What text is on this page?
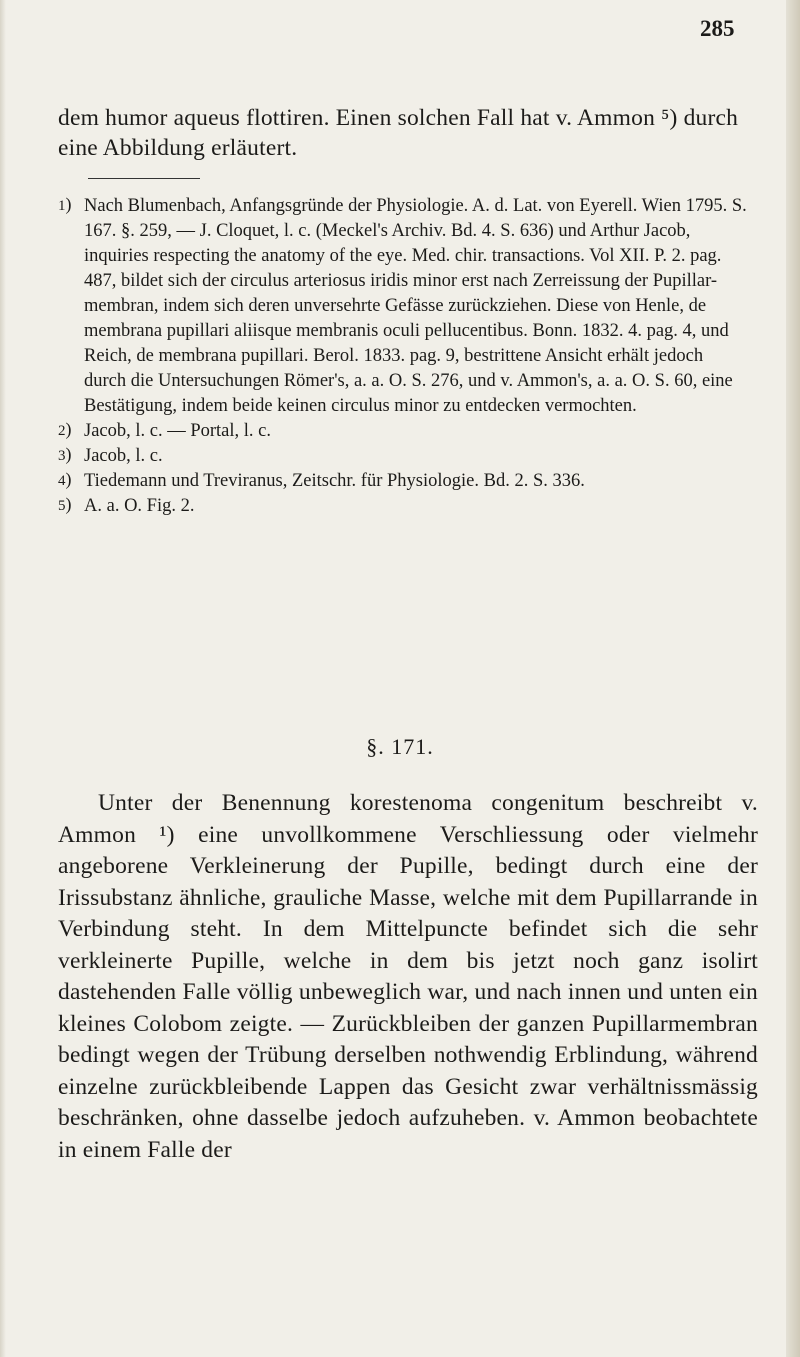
285
dem humor aqueus flottiren. Einen solchen Fall hat v. Ammon ⁵) durch eine Abbildung erläutert.
1 )	Nach Blumenbach, Anfangsgründe der Physiologie. A. d. Lat. von Eyerell. Wien 1795. S. 167. §. 259, — J. Cloquet, l. c. (Meckel's Archiv. Bd. 4. S. 636) und Arthur Jacob, inquiries respecting the anatomy of the eye. Med. chir. transactions. Vol XII. P. 2. pag. 487, bildet sich der circulus arteriosus iridis minor erst nach Zerreissung der Pupillar-membran, indem sich deren unversehrte Gefässe zurückziehen. Diese von Henle, de membrana pupillari aliisque membranis oculi pellucentibus. Bonn. 1832. 4. pag. 4, und Reich, de membrana pupillari. Berol. 1833. pag. 9, bestrittene Ansicht erhält jedoch durch die Untersuchungen Römer's, a. a. O. S. 276, und v. Ammon's, a. a. O. S. 60, eine Bestätigung, indem beide keinen circulus minor zu entdecken vermochten.
2 )	Jacob, l. c. — Portal, l. c.
3 )	Jacob, l. c.
4 )	Tiedemann und Treviranus, Zeitschr. für Physiologie. Bd. 2. S. 336.
5 )	A. a. O. Fig. 2.
§. 171.
Unter der Benennung korestenoma congenitum beschreibt v. Ammon ¹) eine unvollkommene Verschliessung oder vielmehr angeborene Verkleinerung der Pupille, bedingt durch eine der Irissubstanz ähnliche, grauliche Masse, welche mit dem Pupillarrande in Verbindung steht. In dem Mittelpuncte befindet sich die sehr verkleinerte Pupille, welche in dem bis jetzt noch ganz isolirt dastehenden Falle völlig unbeweglich war, und nach innen und unten ein kleines Colobom zeigte. — Zurückbleiben der ganzen Pupillarmembran bedingt wegen der Trübung derselben nothwendig Erblindung, während einzelne zurückbleibende Lappen das Gesicht zwar verhältnissmässig beschränken, ohne dasselbe jedoch aufzuheben. v. Ammon beobachtete in einem Falle der
